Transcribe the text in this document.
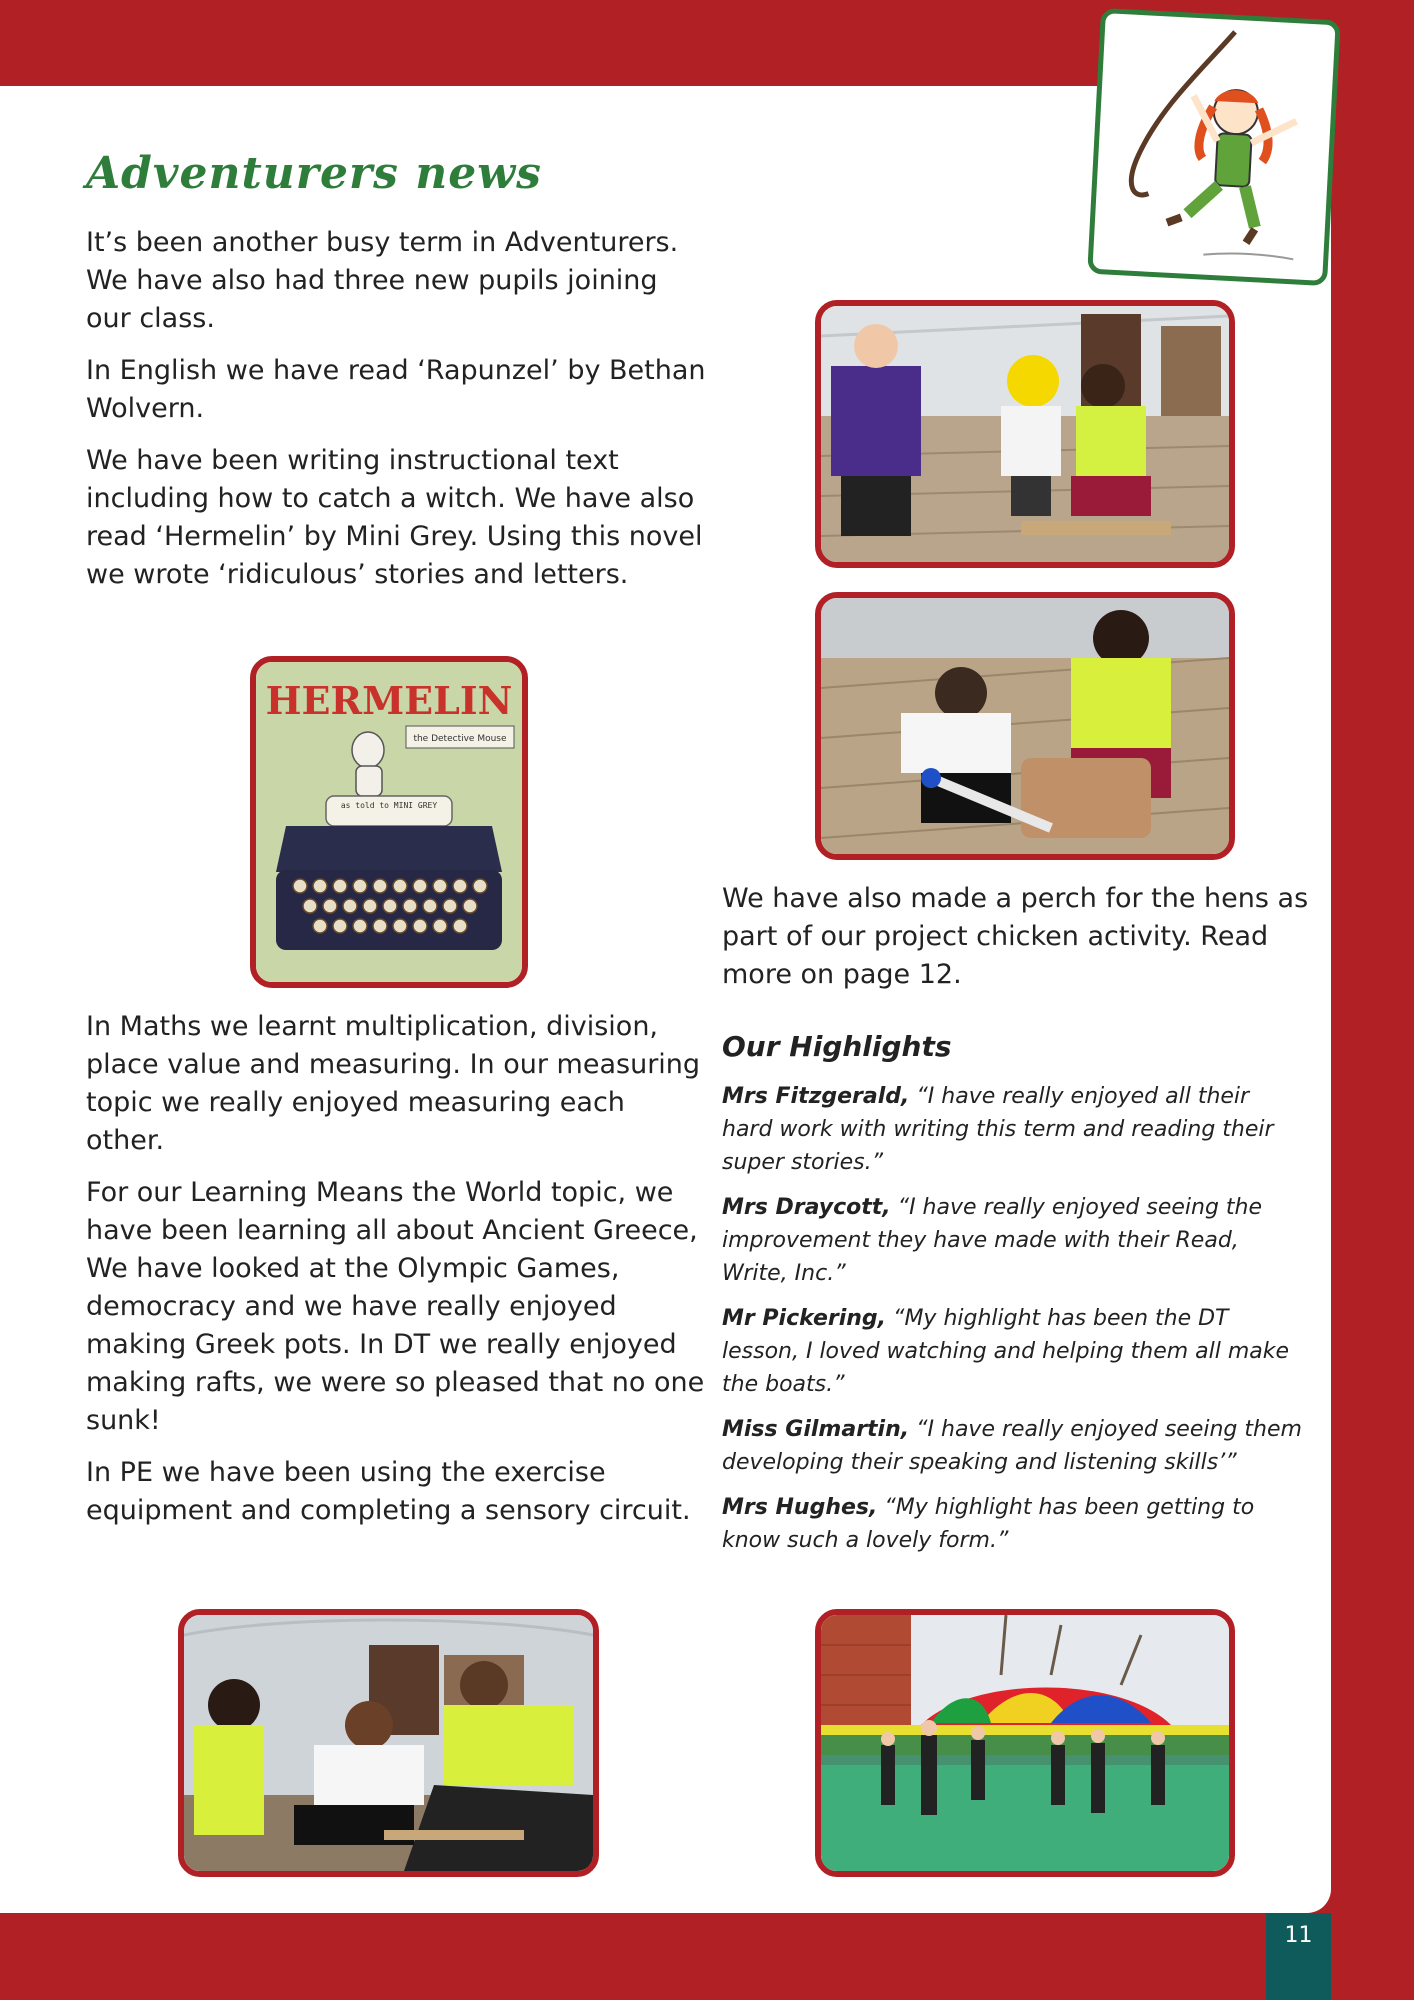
11
Adventurers news

It’s been another busy term in Adventurers. We have also had three new pupils joining our class.

In English we have read ‘Rapunzel’ by Bethan Wolvern.

We have been writing instructional text including how to catch a witch. We have also read ‘Hermelin’ by Mini Grey. Using this novel we wrote ‘ridiculous’ stories and letters.

HERMELIN
the Detective Mouse
as told to MINI GREY

In Maths we learnt multiplication, division, place value and measuring. In our measuring topic we really enjoyed measuring each other.

For our Learning Means the World topic, we have been learning all about Ancient Greece, We have looked at the Olympic Games, democracy and we have really enjoyed making Greek pots. In DT we really enjoyed making rafts, we were so pleased that no one sunk!

In PE we have been using the exercise equipment and completing a sensory circuit.

We have also made a perch for the hens as part of our project chicken activity. Read more on page 12.

Our Highlights

Mrs Fitzgerald, “I have really enjoyed all their hard work with writing this term and reading their super stories.”

Mrs Draycott, “I have really enjoyed seeing the improvement they have made with their Read, Write, Inc.”

Mr Pickering, “My highlight has been the DT lesson, I loved watching and helping them all make the boats.”

Miss Gilmartin, “I have really enjoyed seeing them developing their speaking and listening skills’”

Mrs Hughes, “My highlight has been getting to know such a lovely form.”
